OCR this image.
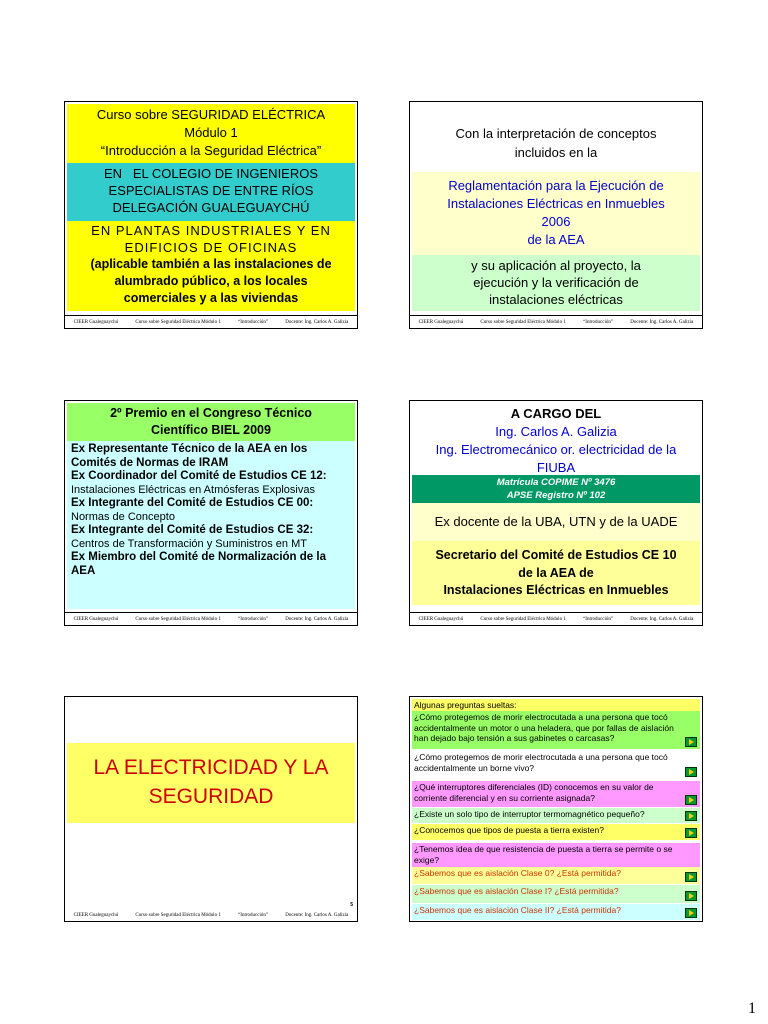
Curso sobre SEGURIDAD ELÉCTRICA
Módulo 1
“Introducción a la Seguridad Eléctrica”
EN   EL COLEGIO DE INGENIEROS
ESPECIALISTAS DE ENTRE RÍOS
DELEGACIÓN GUALEGUAYCHÚ
EN PLANTAS INDUSTRIALES Y EN
EDIFICIOS DE OFICINAS
(aplicable también a las instalaciones de
alumbrado público, a los locales
comerciales y a las viviendas
CIEER Gualeguaychú	Curso sobre Seguridad Eléctrica Módulo 1	“Introducción”	Docente: Ing. Carlos A. Galizia
Con la interpretación de conceptos
incluidos en la
Reglamentación para la Ejecución de
Instalaciones Eléctricas en Inmuebles
2006
de la AEA
y su aplicación al proyecto, la
ejecución y la verificación de
instalaciones eléctricas
CIEER Gualeguaychú	Curso sobre Seguridad Eléctrica Módulo 1	“Introducción”	Docente: Ing. Carlos A. Galizia
2º Premio en el Congreso Técnico
Científico BIEL 2009
Ex Representante Técnico de la AEA en los Comités de Normas de IRAM
Ex Coordinador del Comité de Estudios CE 12: Instalaciones Eléctricas en Atmósferas Explosivas
Ex Integrante del Comité de Estudios CE 00:
Normas de Concepto
Ex Integrante del Comité de Estudios CE 32:
Centros de Transformación y Suministros en MT
Ex Miembro del Comité de Normalización de la AEA
CIEER Gualeguaychú	Curso sobre Seguridad Eléctrica Módulo 1	“Introducción”	Docente: Ing. Carlos A. Galizia
A CARGO DEL
Ing. Carlos A. Galizia
Ing. Electromecánico or. electricidad de la
FIUBA
Matrícula COPIME Nº 3476
APSE Registro Nº 102
Ex docente de la UBA, UTN y de la UADE
Secretario del Comité de Estudios CE 10
de la AEA de
Instalaciones Eléctricas en Inmuebles
CIEER Gualeguaychú	Curso sobre Seguridad Eléctrica Módulo 1	“Introducción”	Docente: Ing. Carlos A. Galizia
LA ELECTRICIDAD Y LA
SEGURIDAD
5
CIEER Gualeguaychú	Curso sobre Seguridad Eléctrica Módulo 1	“Introducción”	Docente: Ing. Carlos A. Galizia
Algunas preguntas sueltas:
¿Cómo protegemos de morir electrocutada a una persona que tocó accidentalmente un motor o una heladera, que por fallas de aislación han dejado bajo tensión a sus gabinetes o carcasas?
¿Cómo protegemos de morir electrocutada a una persona que tocó accidentalmente un borne vivo?
¿Qué interruptores diferenciales (ID) conocemos en su valor de corriente diferencial y en su corriente asignada?
¿Existe un solo tipo de interruptor termomagnético pequeño?
¿Conocemos que tipos de puesta a tierra existen?
¿Tenemos idea de que resistencia de puesta a tierra se permite o se exige?
¿Sabemos que es aislación Clase 0? ¿Está permitida?
¿Sabemos que es aislación Clase I? ¿Está permitida?
¿Sabemos que es aislación Clase II? ¿Está permitida?
1
